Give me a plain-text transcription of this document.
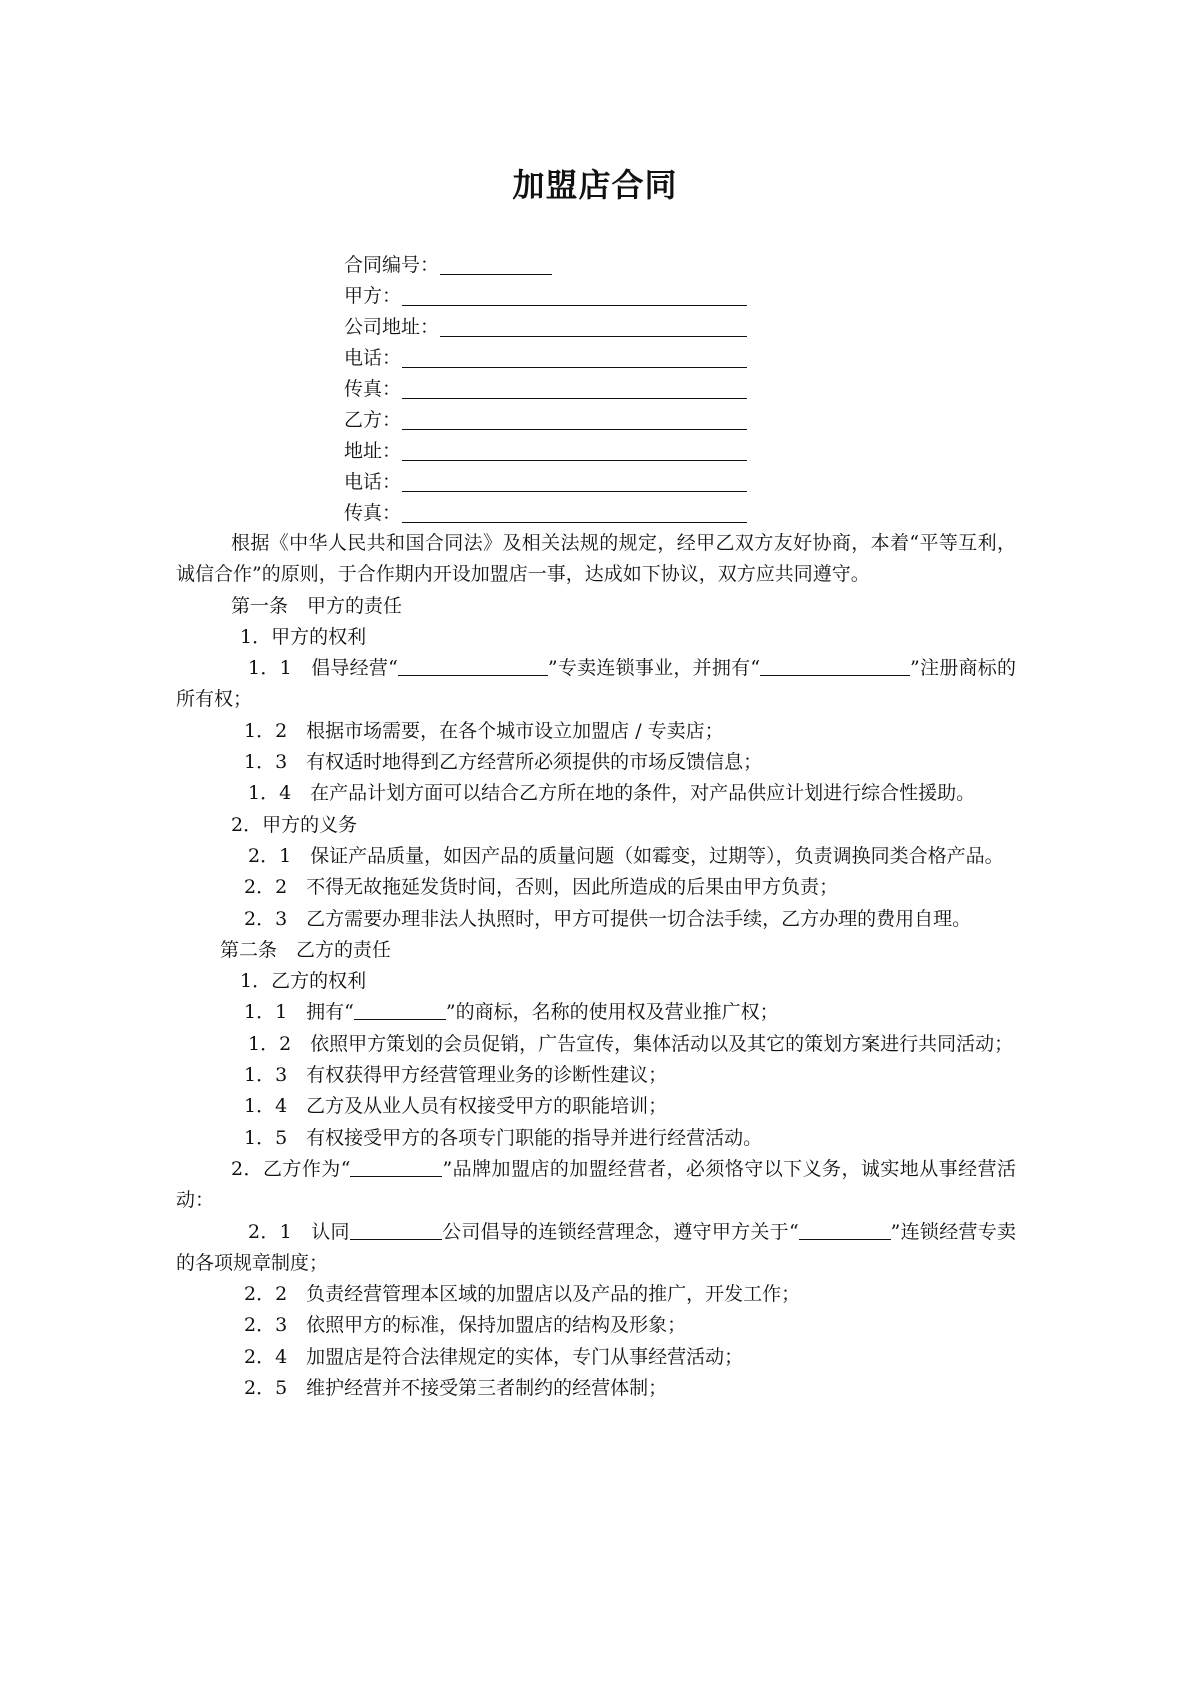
加盟店合同
合同编号：
甲方：
公司地址：
电话：
传真：
乙方：
地址：
电话：
传真：

根据《中华人民共和国合同法》及相关法规的规定，经甲乙双方友好协商，本着“平等互利，诚信合作”的原则，于合作期内开设加盟店一事，达成如下协议，双方应共同遵守。

第一条　甲方的责任

1．甲方的权利

1．1　倡导经营“	”专卖连锁事业，并拥有“	”注册商标的所有权；

1．2　根据市场需要，在各个城市设立加盟店 / 专卖店；

1．3　有权适时地得到乙方经营所必须提供的市场反馈信息；

1．4　在产品计划方面可以结合乙方所在地的条件，对产品供应计划进行综合性援助。

2．甲方的义务

2．1　保证产品质量，如因产品的质量问题（如霉变，过期等），负责调换同类合格产品。

2．2　不得无故拖延发货时间，否则，因此所造成的后果由甲方负责；

2．3　乙方需要办理非法人执照时，甲方可提供一切合法手续，乙方办理的费用自理。

第二条　乙方的责任

1．乙方的权利

1．1　拥有“	”的商标，名称的使用权及营业推广权；

1．2　依照甲方策划的会员促销，广告宣传，集体活动以及其它的策划方案进行共同活动；

1．3　有权获得甲方经营管理业务的诊断性建议；

1．4　乙方及从业人员有权接受甲方的职能培训；

1．5　有权接受甲方的各项专门职能的指导并进行经营活动。

2．乙方作为“	”品牌加盟店的加盟经营者，必须恪守以下义务，诚实地从事经营活动：

2．1　认同	公司倡导的连锁经营理念，遵守甲方关于“	”连锁经营专卖的各项规章制度；

2．2　负责经营管理本区域的加盟店以及产品的推广，开发工作；

2．3　依照甲方的标准，保持加盟店的结构及形象；

2．4　加盟店是符合法律规定的实体，专门从事经营活动；

2．5　维护经营并不接受第三者制约的经营体制；
